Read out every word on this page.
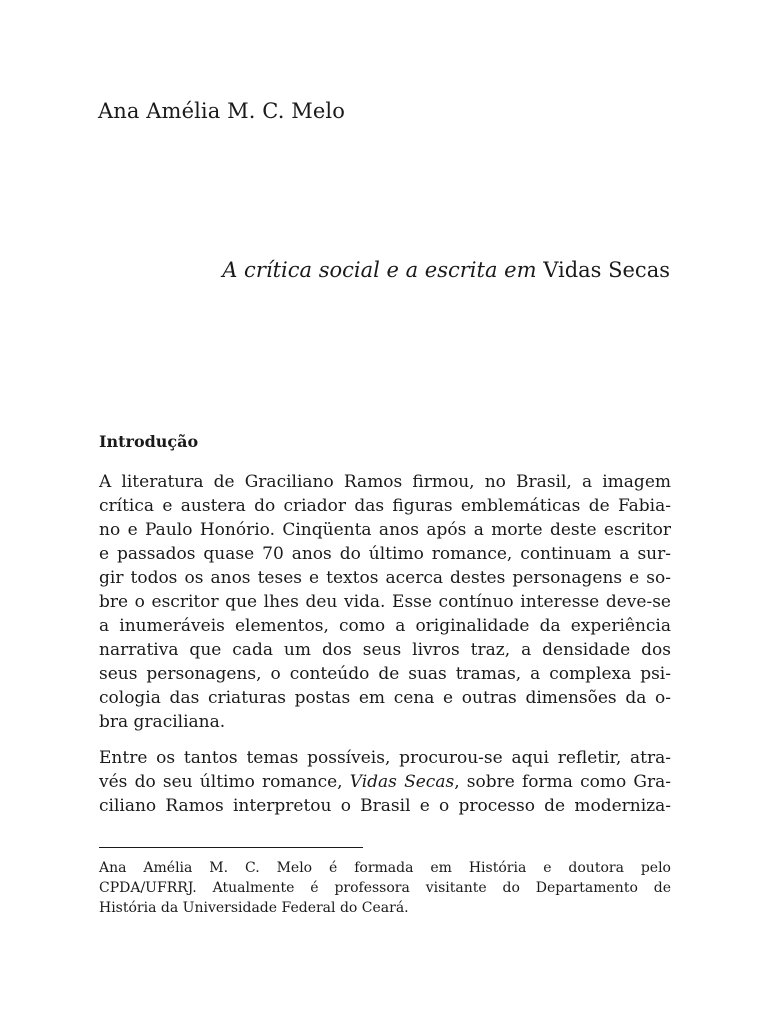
Ana Amélia M. C. Melo
A crítica social e a escrita em Vidas Secas
Introdução
A literatura de Graciliano Ramos firmou, no Brasil, a imagem
crítica e austera do criador das figuras emblemáticas de Fabia-
no e Paulo Honório. Cinqüenta anos após a morte deste escritor
e passados quase 70 anos do último romance, continuam a sur-
gir todos os anos teses e textos acerca destes personagens e so-
bre o escritor que lhes deu vida. Esse contínuo interesse deve-se
a inumeráveis elementos, como a originalidade da experiência
narrativa que cada um dos seus livros traz, a densidade dos
seus personagens, o conteúdo de suas tramas, a complexa psi-
cologia das criaturas postas em cena e outras dimensões da o-
bra graciliana.
Entre os tantos temas possíveis, procurou-se aqui refletir, atra-
vés do seu último romance, Vidas Secas, sobre forma como Gra-
ciliano Ramos interpretou o Brasil e o processo de moderniza-
Ana Amélia M. C. Melo é formada em História e doutora pelo
CPDA/UFRRJ. Atualmente é professora visitante do Departamento de
História da Universidade Federal do Ceará.
